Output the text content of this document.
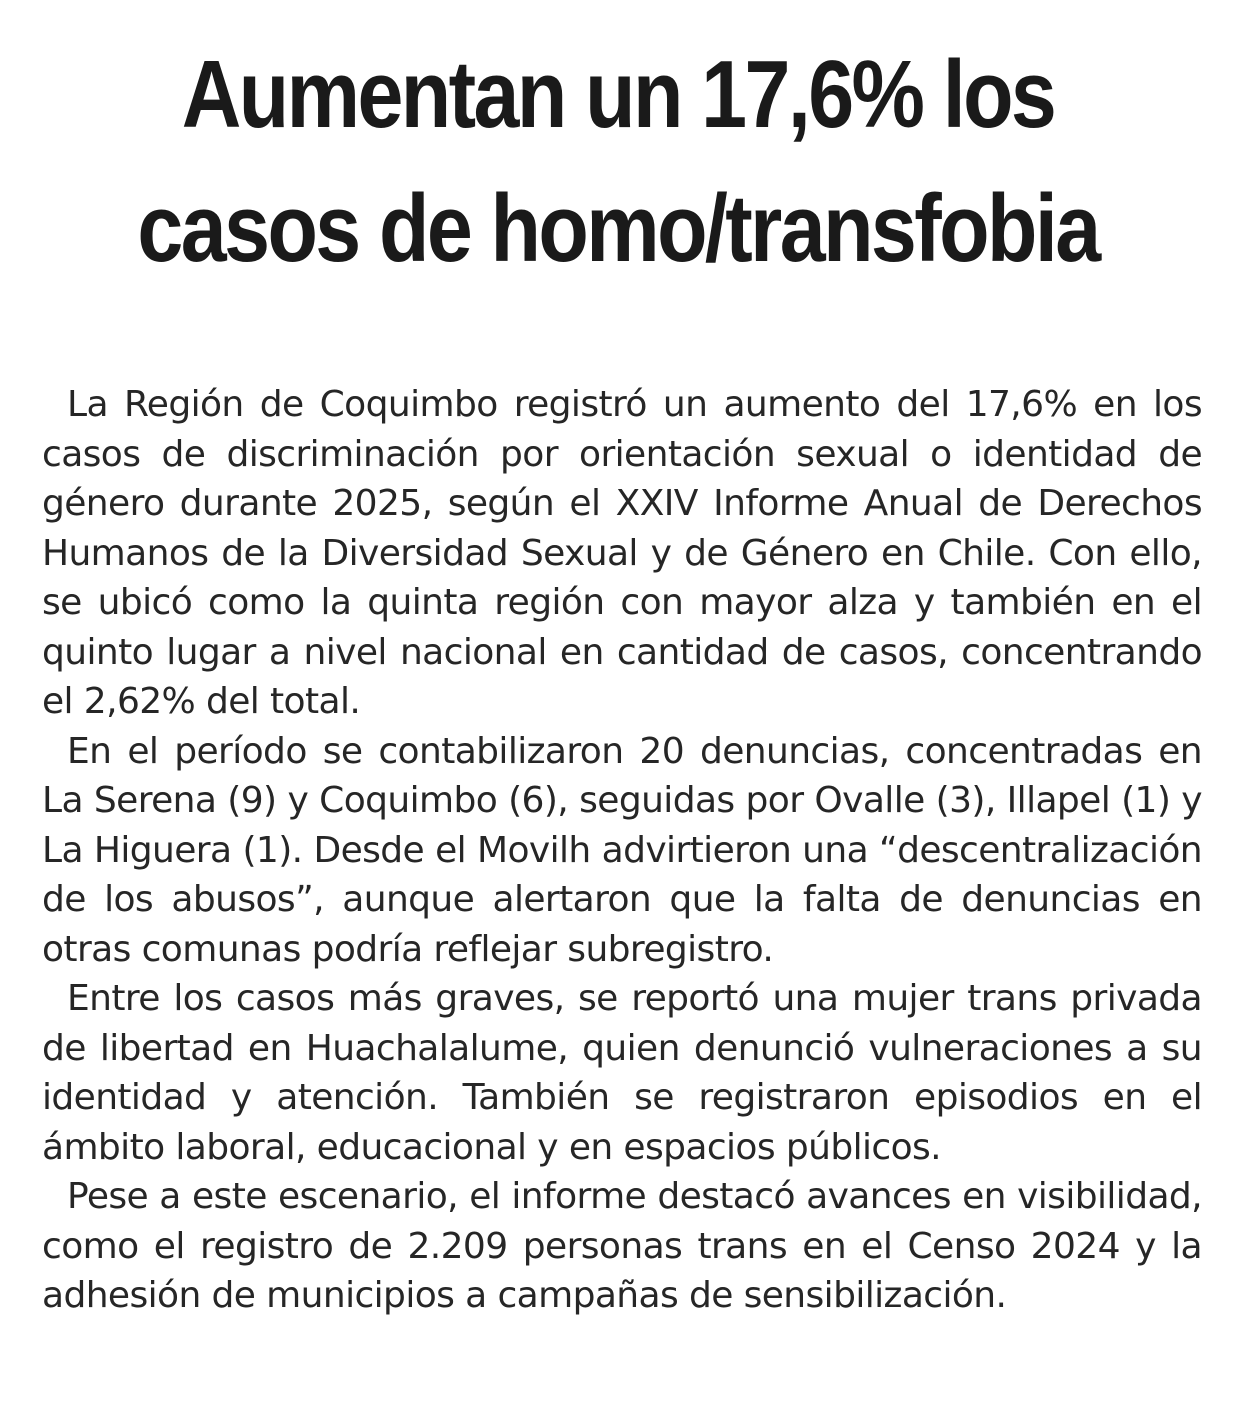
Aumentan un 17,6% los
casos de homo/transfobia

La Región de Coquimbo registró un aumento del 17,6% en los casos de discriminación por orientación sexual o identidad de género durante 2025, según el XXIV Informe Anual de Derechos Humanos de la Diversidad Sexual y de Género en Chile. Con ello, se ubicó como la quinta región con mayor alza y también en el quinto lugar a nivel nacional en cantidad de casos, concentrando el 2,62% del total.

En el período se contabilizaron 20 denuncias, concentradas en La Serena (9) y Coquimbo (6), seguidas por Ovalle (3), Illapel (1) y La Higuera (1). Desde el Movilh advirtieron una “descentralización de los abusos”, aunque alertaron que la falta de denuncias en otras comunas podría reflejar subregistro.

Entre los casos más graves, se reportó una mujer trans privada de libertad en Huachalalume, quien denunció vulneraciones a su identidad y atención. También se registraron episodios en el ámbito laboral, educacional y en espacios públicos.

Pese a este escenario, el informe destacó avances en visibilidad, como el registro de 2.209 personas trans en el Censo 2024 y la adhesión de municipios a campañas de sensibilización.
